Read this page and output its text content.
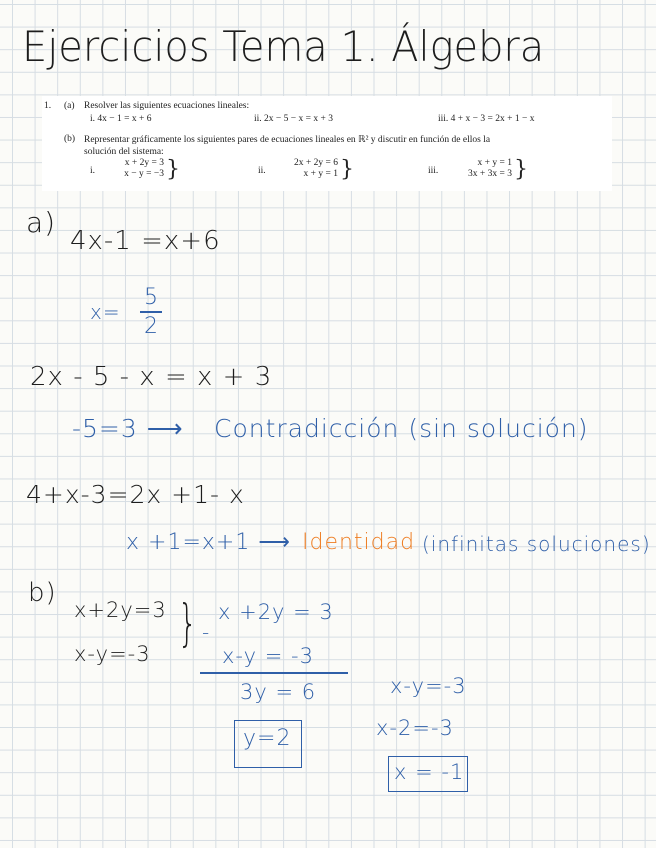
Ejercicios Tema 1. Álgebra
1. (a) Resolver las siguientes ecuaciones lineales:
i. 4x − 1 = x + 6	ii. 2x − 5 − x = x + 3	iii. 4 + x − 3 = 2x + 1 − x
(b) Representar gráficamente los siguientes pares de ecuaciones lineales en ℝ² y discutir en función de ellos la
solución del sistema:
i.
x + 2y = 3
x − y = −3 }	ii.
2x + 2y = 6
x + y = 1 }	iii.
x + y = 1
3x + 3x = 3 }
a)
4x-1 =x+6
x=
5
2
2x - 5 - x = x + 3
-5=3 ⟶ Contradicción (sin solución)
4+x-3=2x +1- x
x +1=x+1 ⟶ Identidad (infinitas soluciones)
b)
x+2y=3
x-y=-3
} -
x +2y = 3
x-y = -3
3y = 6
y=2
x-y=-3
x-2=-3
x = -1
